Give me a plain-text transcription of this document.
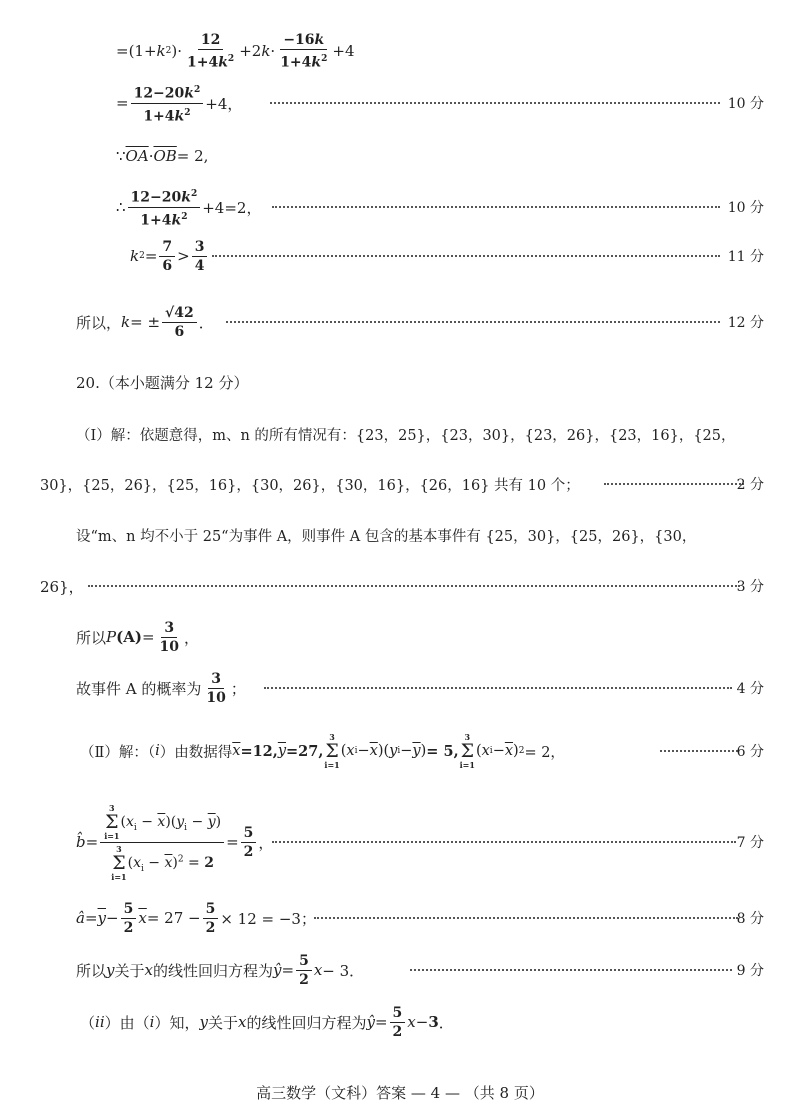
=(1+ k 2 )· $\frac{12}{1+4k^2} +2$ $k \cdot \frac{-16k}{1+4k^2} +4$
= $\frac{12-20k^2}{1+4k^2} +4$，	10 分
∵ $\overline{OA} \cdot \overline{OB} = 2$,
∴ $\frac{12-20k^2}{1+4k^2} +4=2$，	10 分
k $2 = \frac{7}{6} > \frac{3}{4}$	11 分
所以， k = ± $\frac{√42}{6}$ ．	12 分
20.（本小题满分 12 分）
（Ⅰ）解：依题意得，m、n 的所有情况有：{23，25}，{23，30}，{23，26}，{23，16}，{25，
30}，{25，26}，{25，16}，{30，26}，{30，16}，{26，16} 共有 10 个；	2 分
设“m、n 均不小于 25“为事件 A，则事件 A 包含的基本事件有 {25，30}，{25，26}，{30，
26}，	3 分
所以 P $(A) = \frac{3}{10}$ ，
故事件 A 的概率为 $\frac{3}{10}$ ；	4 分
（Ⅱ）解：（ i ）由数据得 $\overline{x} =12$, $\overline{y} =27$,
3
Σ
i=1
( x $i - \overline{x}$ )( y $i - \overline{y}$ ) = 5,
3
Σ
i=1
( x $i - \overline{x}$ ) 2 = 2，	6 分
b̂ = 3
Σ
i=1
$(x_i - \overline{x})(y_i - \overline{y})$
3
Σ
i=1
$(x_i - \overline{x})^2 = 2 = \frac{5}{2}$ ，	7 分
â = $\overline{y} - \frac{5}{2} \overline{x} = 27 - \frac{5}{2} \times 12 = -3$；	8 分
所以 y 关于 x 的线性回归方程为 ŷ = $\frac{5}{2}$ x − 3．	9 分
（ ii ）由（ i ）知， y 关于 x 的线性回归方程为 ŷ = $\frac{5}{2}$ x − 3 ．
高三数学（文科）答案 — 4 — （共 8 页）
